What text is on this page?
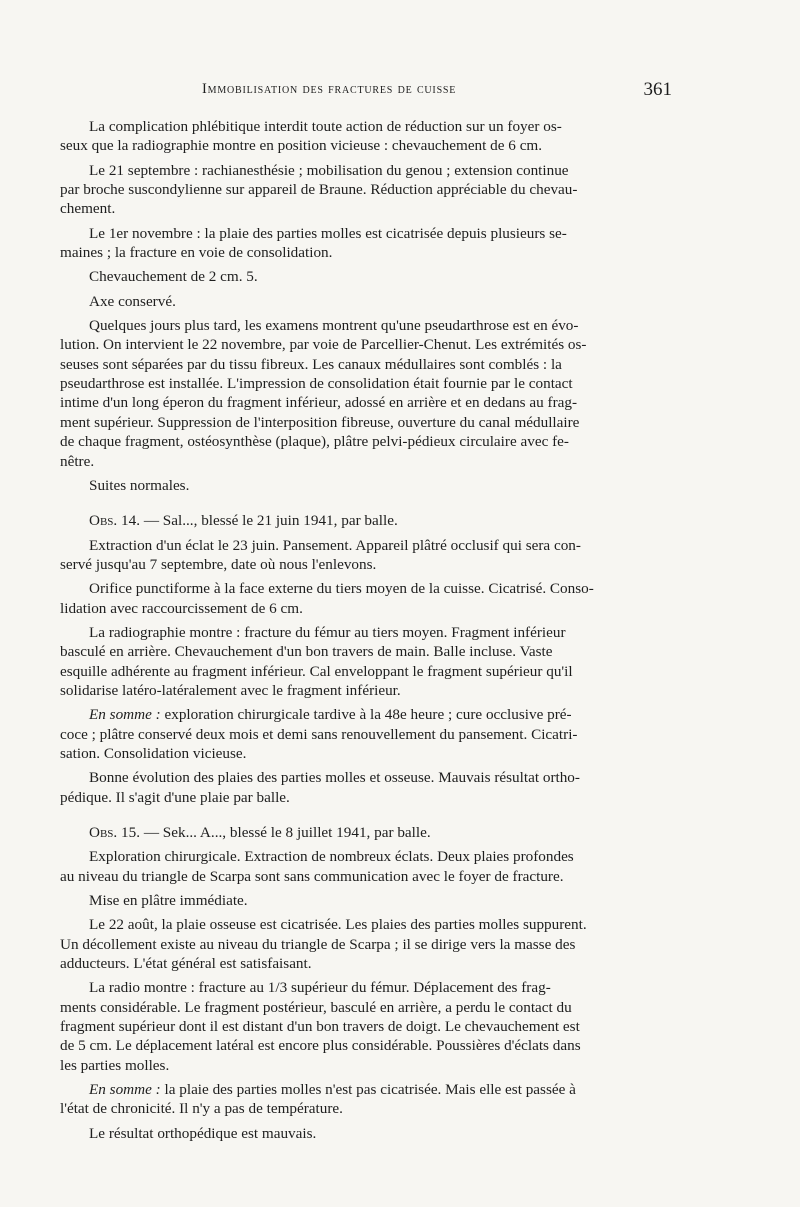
Immobilisation des fractures de cuisse	361
La complication phlébitique interdit toute action de réduction sur un foyer os-
seux que la radiographie montre en position vicieuse : chevauchement de 6 cm.
Le 21 septembre : rachianesthésie ; mobilisation du genou ; extension continue
par broche suscondylienne sur appareil de Braune. Réduction appréciable du chevau-
chement.
Le 1er novembre : la plaie des parties molles est cicatrisée depuis plusieurs se-
maines ; la fracture en voie de consolidation.
Chevauchement de 2 cm. 5.
Axe conservé.
Quelques jours plus tard, les examens montrent qu'une pseudarthrose est en évo-
lution. On intervient le 22 novembre, par voie de Parcellier-Chenut. Les extrémités os-
seuses sont séparées par du tissu fibreux. Les canaux médullaires sont comblés : la
pseudarthrose est installée. L'impression de consolidation était fournie par le contact
intime d'un long éperon du fragment inférieur, adossé en arrière et en dedans au frag-
ment supérieur. Suppression de l'interposition fibreuse, ouverture du canal médullaire
de chaque fragment, ostéosynthèse (plaque), plâtre pelvi-pédieux circulaire avec fe-
nêtre.
Suites normales.
Obs. 14. — Sal..., blessé le 21 juin 1941, par balle.
Extraction d'un éclat le 23 juin. Pansement. Appareil plâtré occlusif qui sera con-
servé jusqu'au 7 septembre, date où nous l'enlevons.
Orifice punctiforme à la face externe du tiers moyen de la cuisse. Cicatrisé. Conso-
lidation avec raccourcissement de 6 cm.
La radiographie montre : fracture du fémur au tiers moyen. Fragment inférieur
basculé en arrière. Chevauchement d'un bon travers de main. Balle incluse. Vaste
esquille adhérente au fragment inférieur. Cal enveloppant le fragment supérieur qu'il
solidarise latéro-latéralement avec le fragment inférieur.
En somme : exploration chirurgicale tardive à la 48e heure ; cure occlusive pré-
coce ; plâtre conservé deux mois et demi sans renouvellement du pansement. Cicatri-
sation. Consolidation vicieuse.
Bonne évolution des plaies des parties molles et osseuse. Mauvais résultat ortho-
pédique. Il s'agit d'une plaie par balle.
Obs. 15. — Sek... A..., blessé le 8 juillet 1941, par balle.
Exploration chirurgicale. Extraction de nombreux éclats. Deux plaies profondes
au niveau du triangle de Scarpa sont sans communication avec le foyer de fracture.
Mise en plâtre immédiate.
Le 22 août, la plaie osseuse est cicatrisée. Les plaies des parties molles suppurent.
Un décollement existe au niveau du triangle de Scarpa ; il se dirige vers la masse des
adducteurs. L'état général est satisfaisant.
La radio montre : fracture au 1/3 supérieur du fémur. Déplacement des frag-
ments considérable. Le fragment postérieur, basculé en arrière, a perdu le contact du
fragment supérieur dont il est distant d'un bon travers de doigt. Le chevauchement est
de 5 cm. Le déplacement latéral est encore plus considérable. Poussières d'éclats dans
les parties molles.
En somme : la plaie des parties molles n'est pas cicatrisée. Mais elle est passée à
l'état de chronicité. Il n'y a pas de température.
Le résultat orthopédique est mauvais.
